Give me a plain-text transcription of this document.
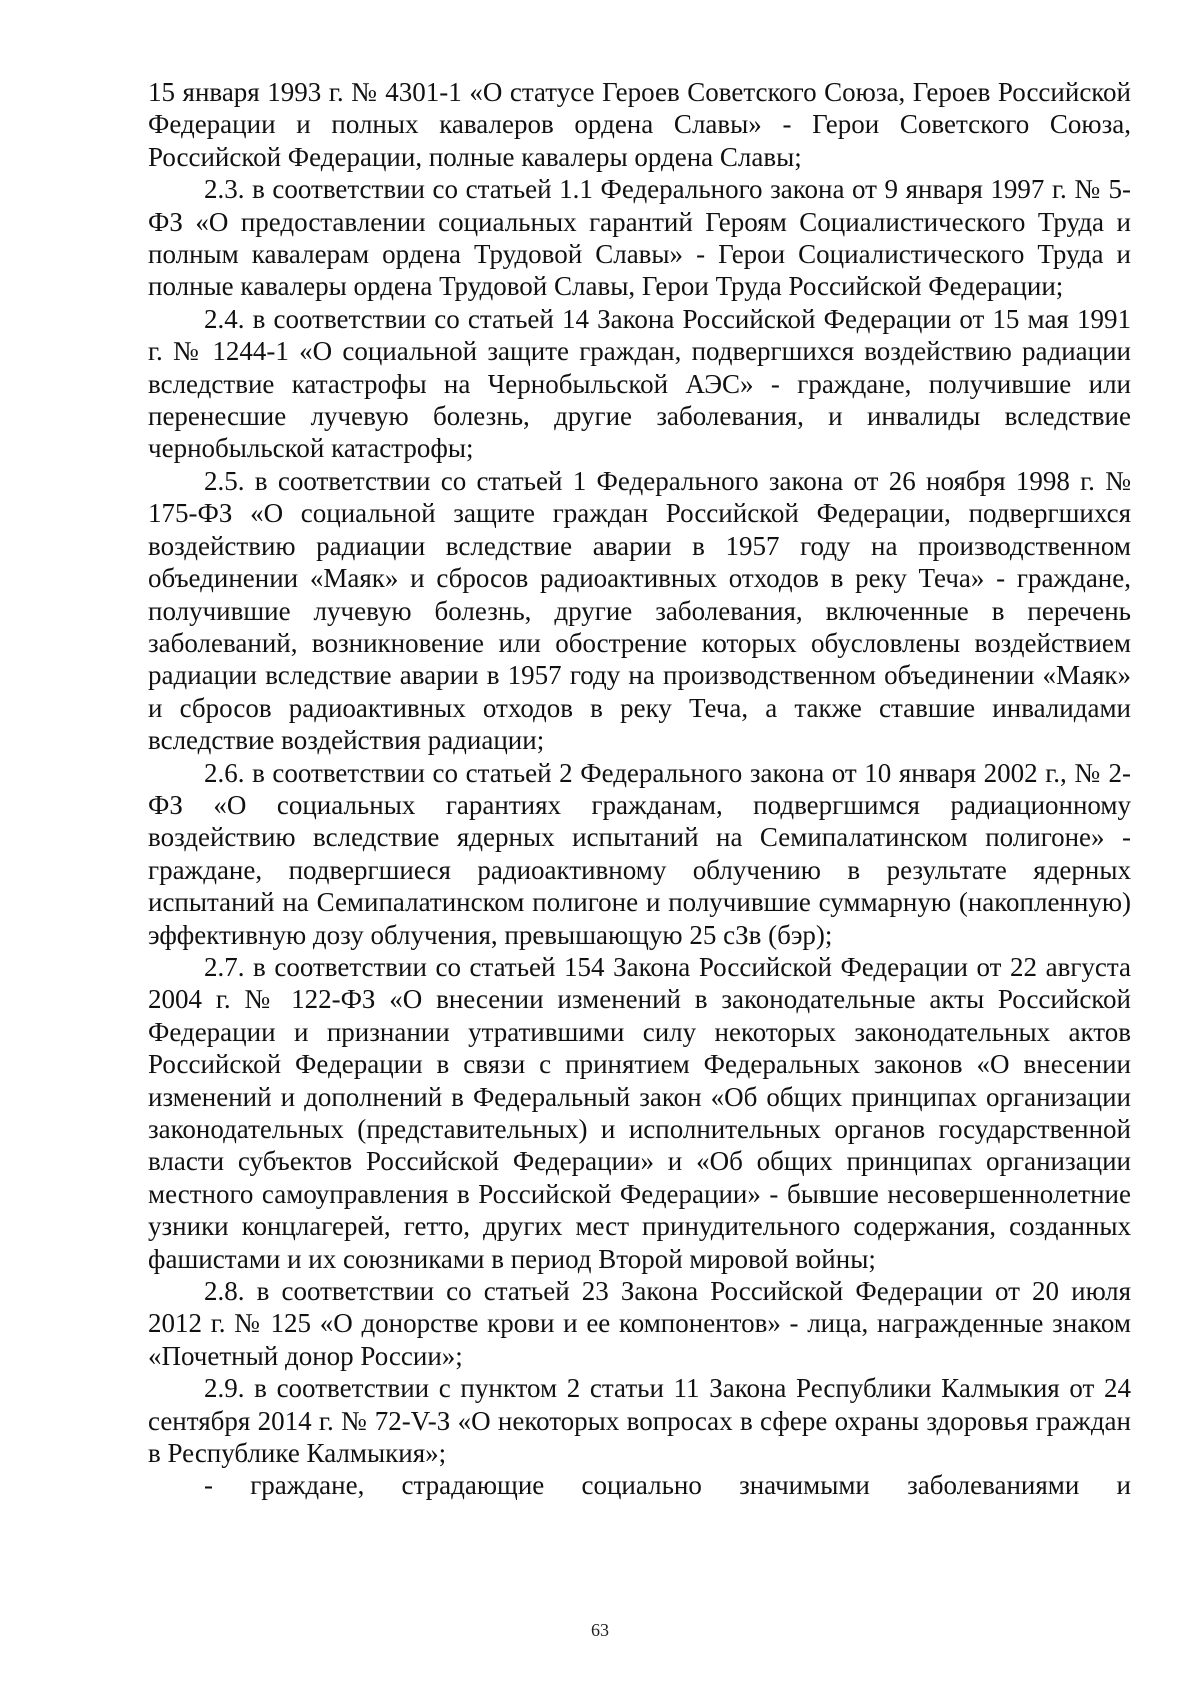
15 января 1993 г. № 4301-1 «О статусе Героев Советского Союза, Героев Российской Федерации и полных кавалеров ордена Славы» - Герои Советского Союза, Российской Федерации, полные кавалеры ордена Славы;

2.3. в соответствии со статьей 1.1 Федерального закона от 9 января 1997 г. № 5-ФЗ «О предоставлении социальных гарантий Героям Социалистического Труда и полным кавалерам ордена Трудовой Славы» - Герои Социалистического Труда и полные кавалеры ордена Трудовой Славы, Герои Труда Российской Федерации;

2.4. в соответствии со статьей 14 Закона Российской Федерации от 15 мая 1991 г. № 1244-1 «О социальной защите граждан, подвергшихся воздействию радиации вследствие катастрофы на Чернобыльской АЭС» - граждане, получившие или перенесшие лучевую болезнь, другие заболевания, и инвалиды вследствие чернобыльской катастрофы;

2.5. в соответствии со статьей 1 Федерального закона от 26 ноября 1998 г. № 175-ФЗ «О социальной защите граждан Российской Федерации, подвергшихся воздействию радиации вследствие аварии в 1957 году на производственном объединении «Маяк» и сбросов радиоактивных отходов в реку Теча» - граждане, получившие лучевую болезнь, другие заболевания, включенные в перечень заболеваний, возникновение или обострение которых обусловлены воздействием радиации вследствие аварии в 1957 году на производственном объединении «Маяк» и сбросов радиоактивных отходов в реку Теча, а также ставшие инвалидами вследствие воздействия радиации;

2.6. в соответствии со статьей 2 Федерального закона от 10 января 2002 г., № 2-ФЗ «О социальных гарантиях гражданам, подвергшимся радиационному воздействию вследствие ядерных испытаний на Семипалатинском полигоне» - граждане, подвергшиеся радиоактивному облучению в результате ядерных испытаний на Семипалатинском полигоне и получившие суммарную (накопленную) эффективную дозу облучения, превышающую 25 сЗв (бэр);

2.7. в соответствии со статьей 154 Закона Российской Федерации от 22 августа 2004 г. № 122-ФЗ «О внесении изменений в законодательные акты Российской Федерации и признании утратившими силу некоторых законодательных актов Российской Федерации в связи с принятием Федеральных законов «О внесении изменений и дополнений в Федеральный закон «Об общих принципах организации законодательных (представительных) и исполнительных органов государственной власти субъектов Российской Федерации» и «Об общих принципах организации местного самоуправления в Российской Федерации» - бывшие несовершеннолетние узники концлагерей, гетто, других мест принудительного содержания, созданных фашистами и их союзниками в период Второй мировой войны;

2.8. в соответствии со статьей 23 Закона Российской Федерации от 20 июля 2012 г. № 125 «О донорстве крови и ее компонентов» - лица, награжденные знаком «Почетный донор России»;

2.9. в соответствии с пунктом 2 статьи 11 Закона Республики Калмыкия от 24 сентября 2014 г. № 72-V-З «О некоторых вопросах в сфере охраны здоровья граждан в Республике Калмыкия»;

- граждане, страдающие социально значимыми заболеваниями и

63
